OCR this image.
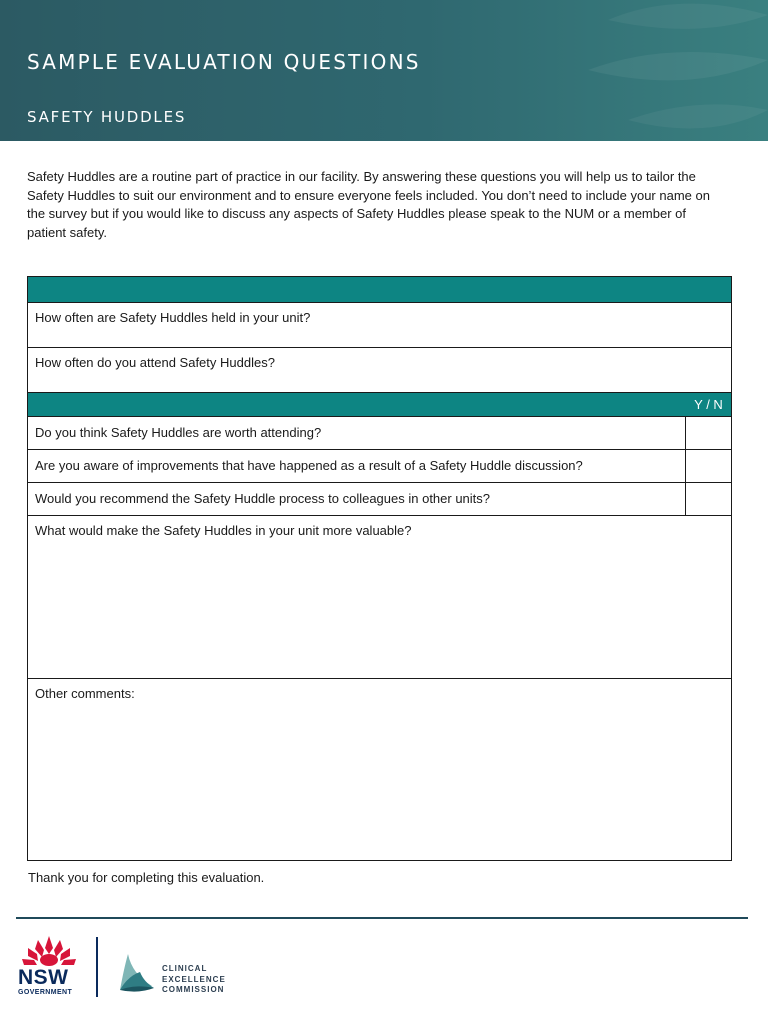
SAMPLE EVALUATION QUESTIONS
SAFETY HUDDLES

Safety Huddles are a routine part of practice in our facility. By answering these questions you will help us to tailor the Safety Huddles to suit our environment and to ensure everyone feels included. You don’t need to include your name on the survey but if you would like to discuss any aspects of Safety Huddles please speak to the NUM or a member of patient safety.

How often are Safety Huddles held in your unit?
How often do you attend Safety Huddles?
Y / N
Do you think Safety Huddles are worth attending?
Are you aware of improvements that have happened as a result of a Safety Huddle discussion?
Would you recommend the Safety Huddle process to colleagues in other units?
What would make the Safety Huddles in your unit more valuable?
Other comments:
Thank you for completing this evaluation.
NSW
GOVERNMENT
CLINICAL
EXCELLENCE
COMMISSION
